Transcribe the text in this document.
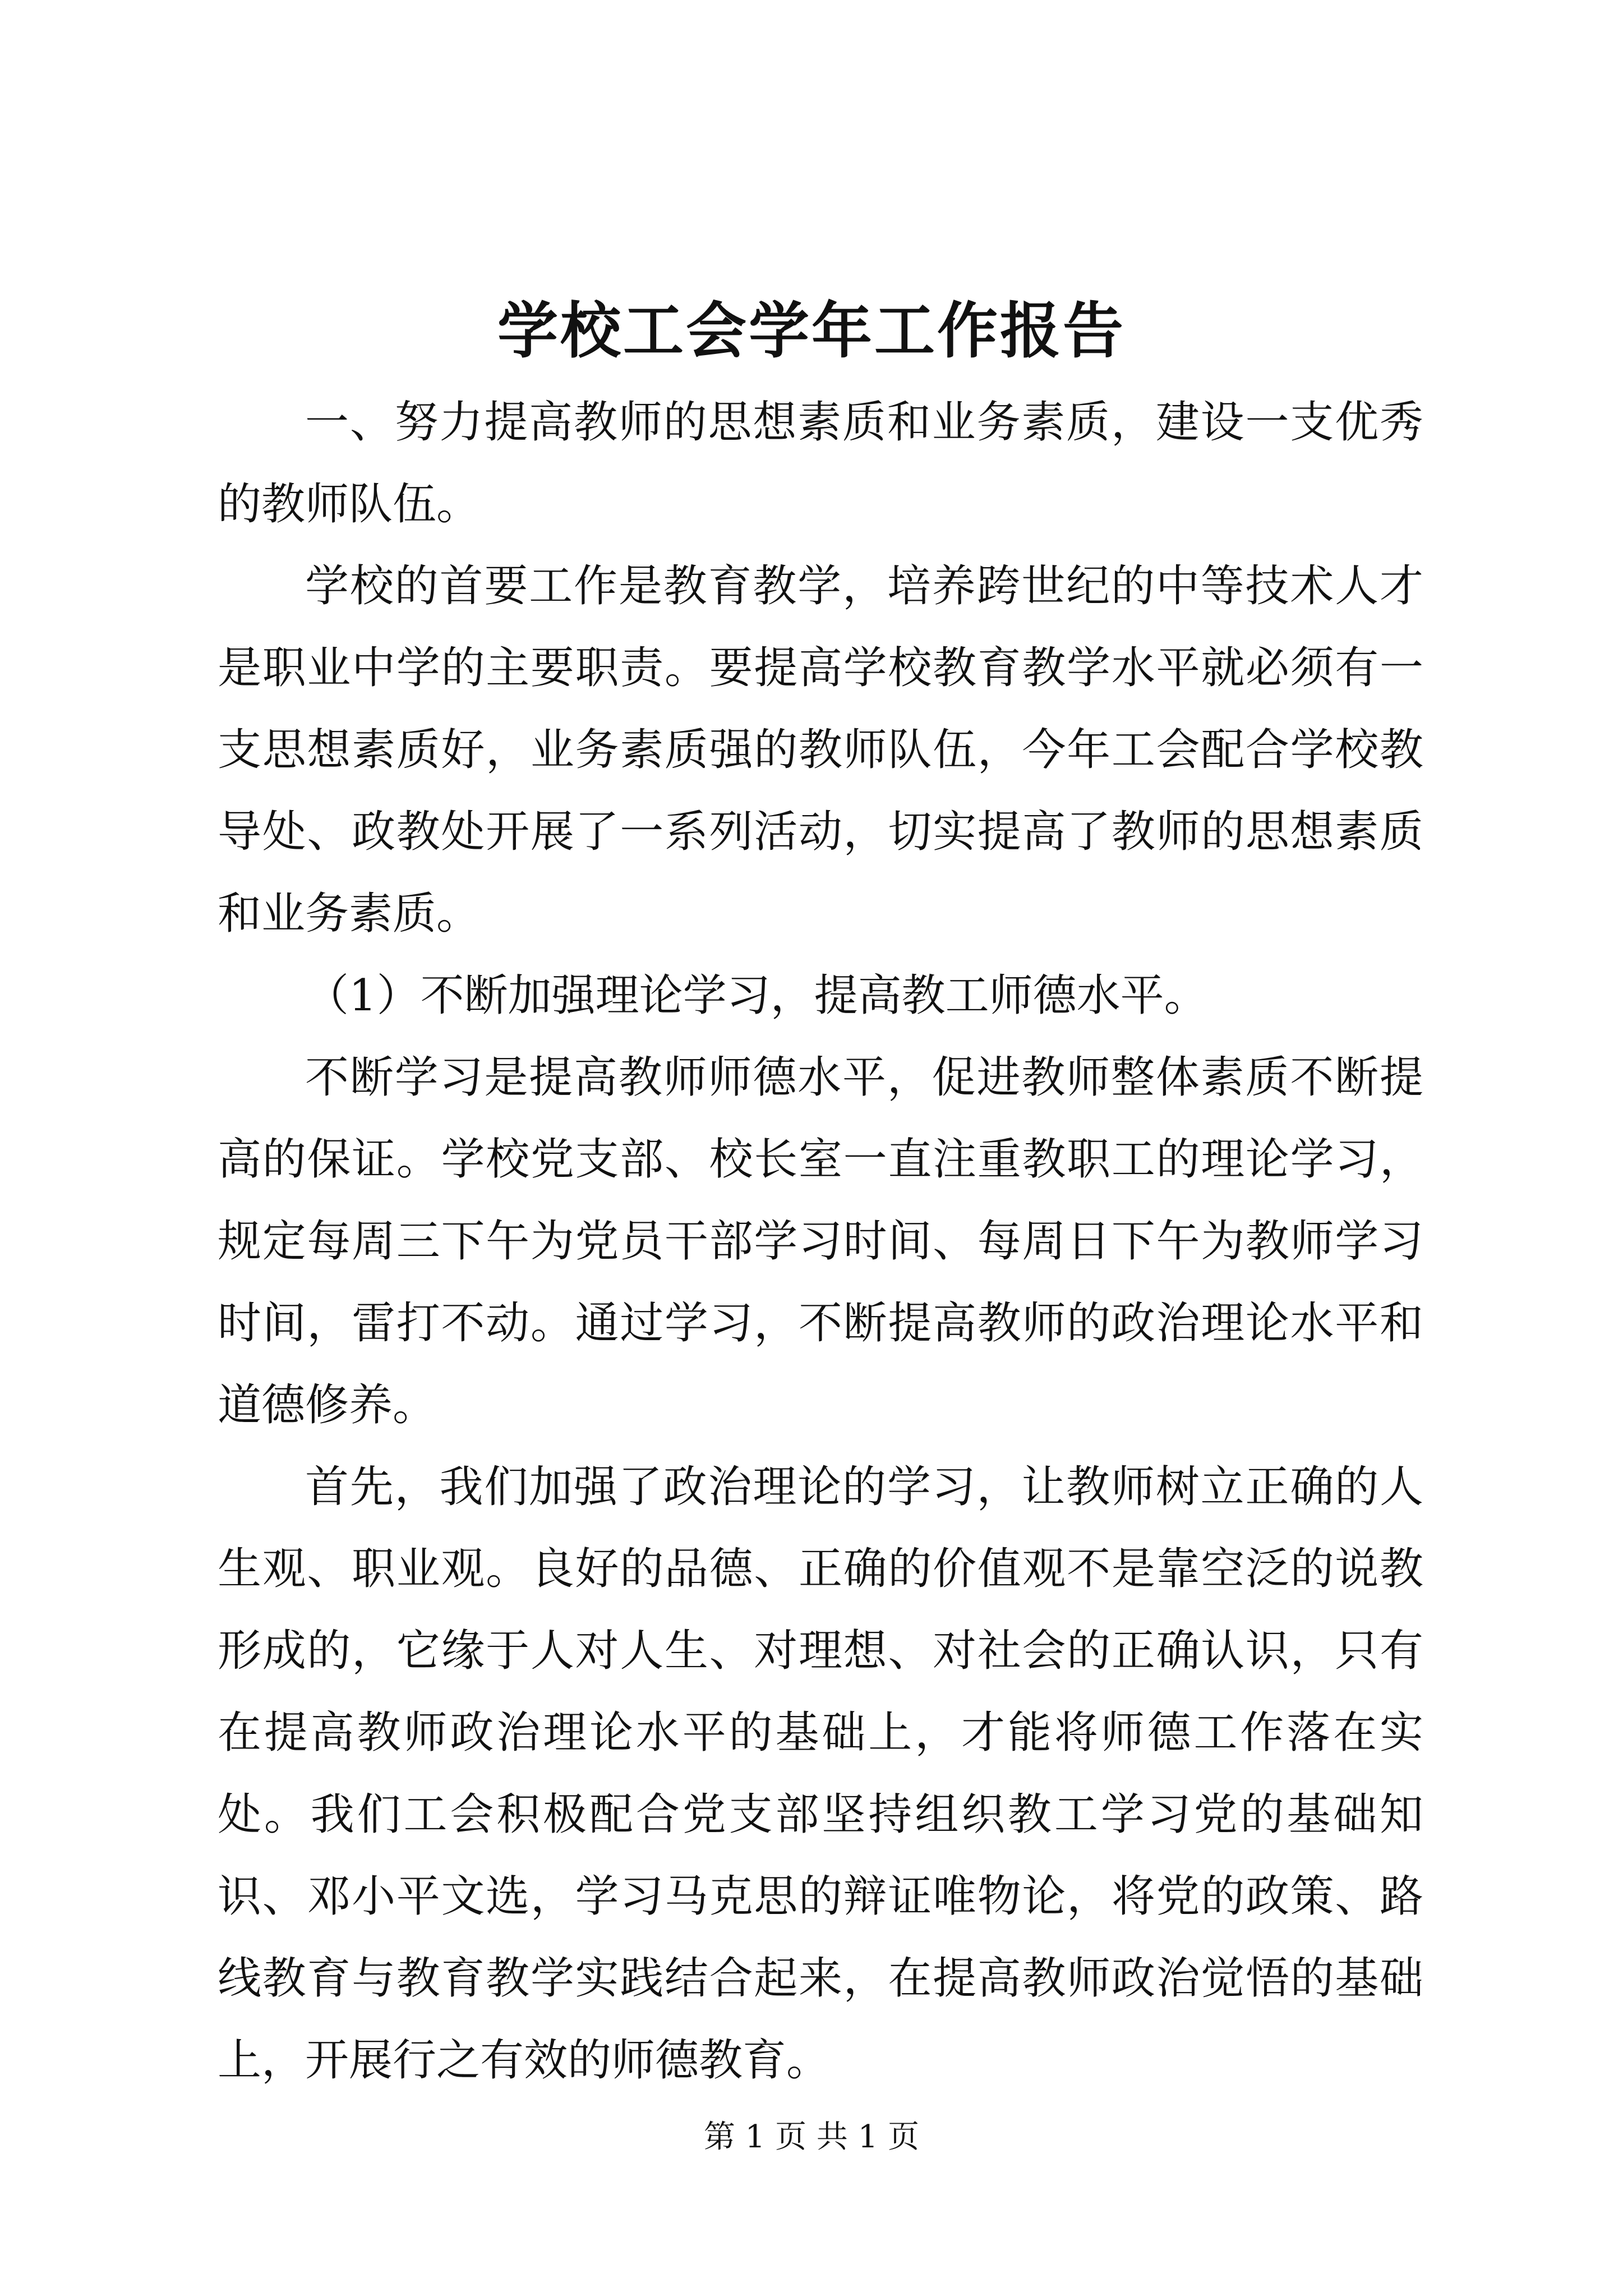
学校工会学年工作报告

一、努力提高教师的思想素质和业务素质，建设一支优秀的教师队伍。

学校的首要工作是教育教学，培养跨世纪的中等技术人才是职业中学的主要职责。要提高学校教育教学水平就必须有一支思想素质好，业务素质强的教师队伍，今年工会配合学校教导处、政教处开展了一系列活动，切实提高了教师的思想素质和业务素质。

（1）不断加强理论学习，提高教工师德水平。

不断学习是提高教师师德水平，促进教师整体素质不断提高的保证。学校党支部、校长室一直注重教职工的理论学习，规定每周三下午为党员干部学习时间、每周日下午为教师学习时间，雷打不动。通过学习，不断提高教师的政治理论水平和道德修养。

首先，我们加强了政治理论的学习，让教师树立正确的人生观、职业观。良好的品德、正确的价值观不是靠空泛的说教形成的，它缘于人对人生、对理想、对社会的正确认识，只有在提高教师政治理论水平的基础上，才能将师德工作落在实处。我们工会积极配合党支部坚持组织教工学习党的基础知识、邓小平文选，学习马克思的辩证唯物论，将党的政策、路线教育与教育教学实践结合起来，在提高教师政治觉悟的基础上，开展行之有效的师德教育。

第 1 页 共 1 页
